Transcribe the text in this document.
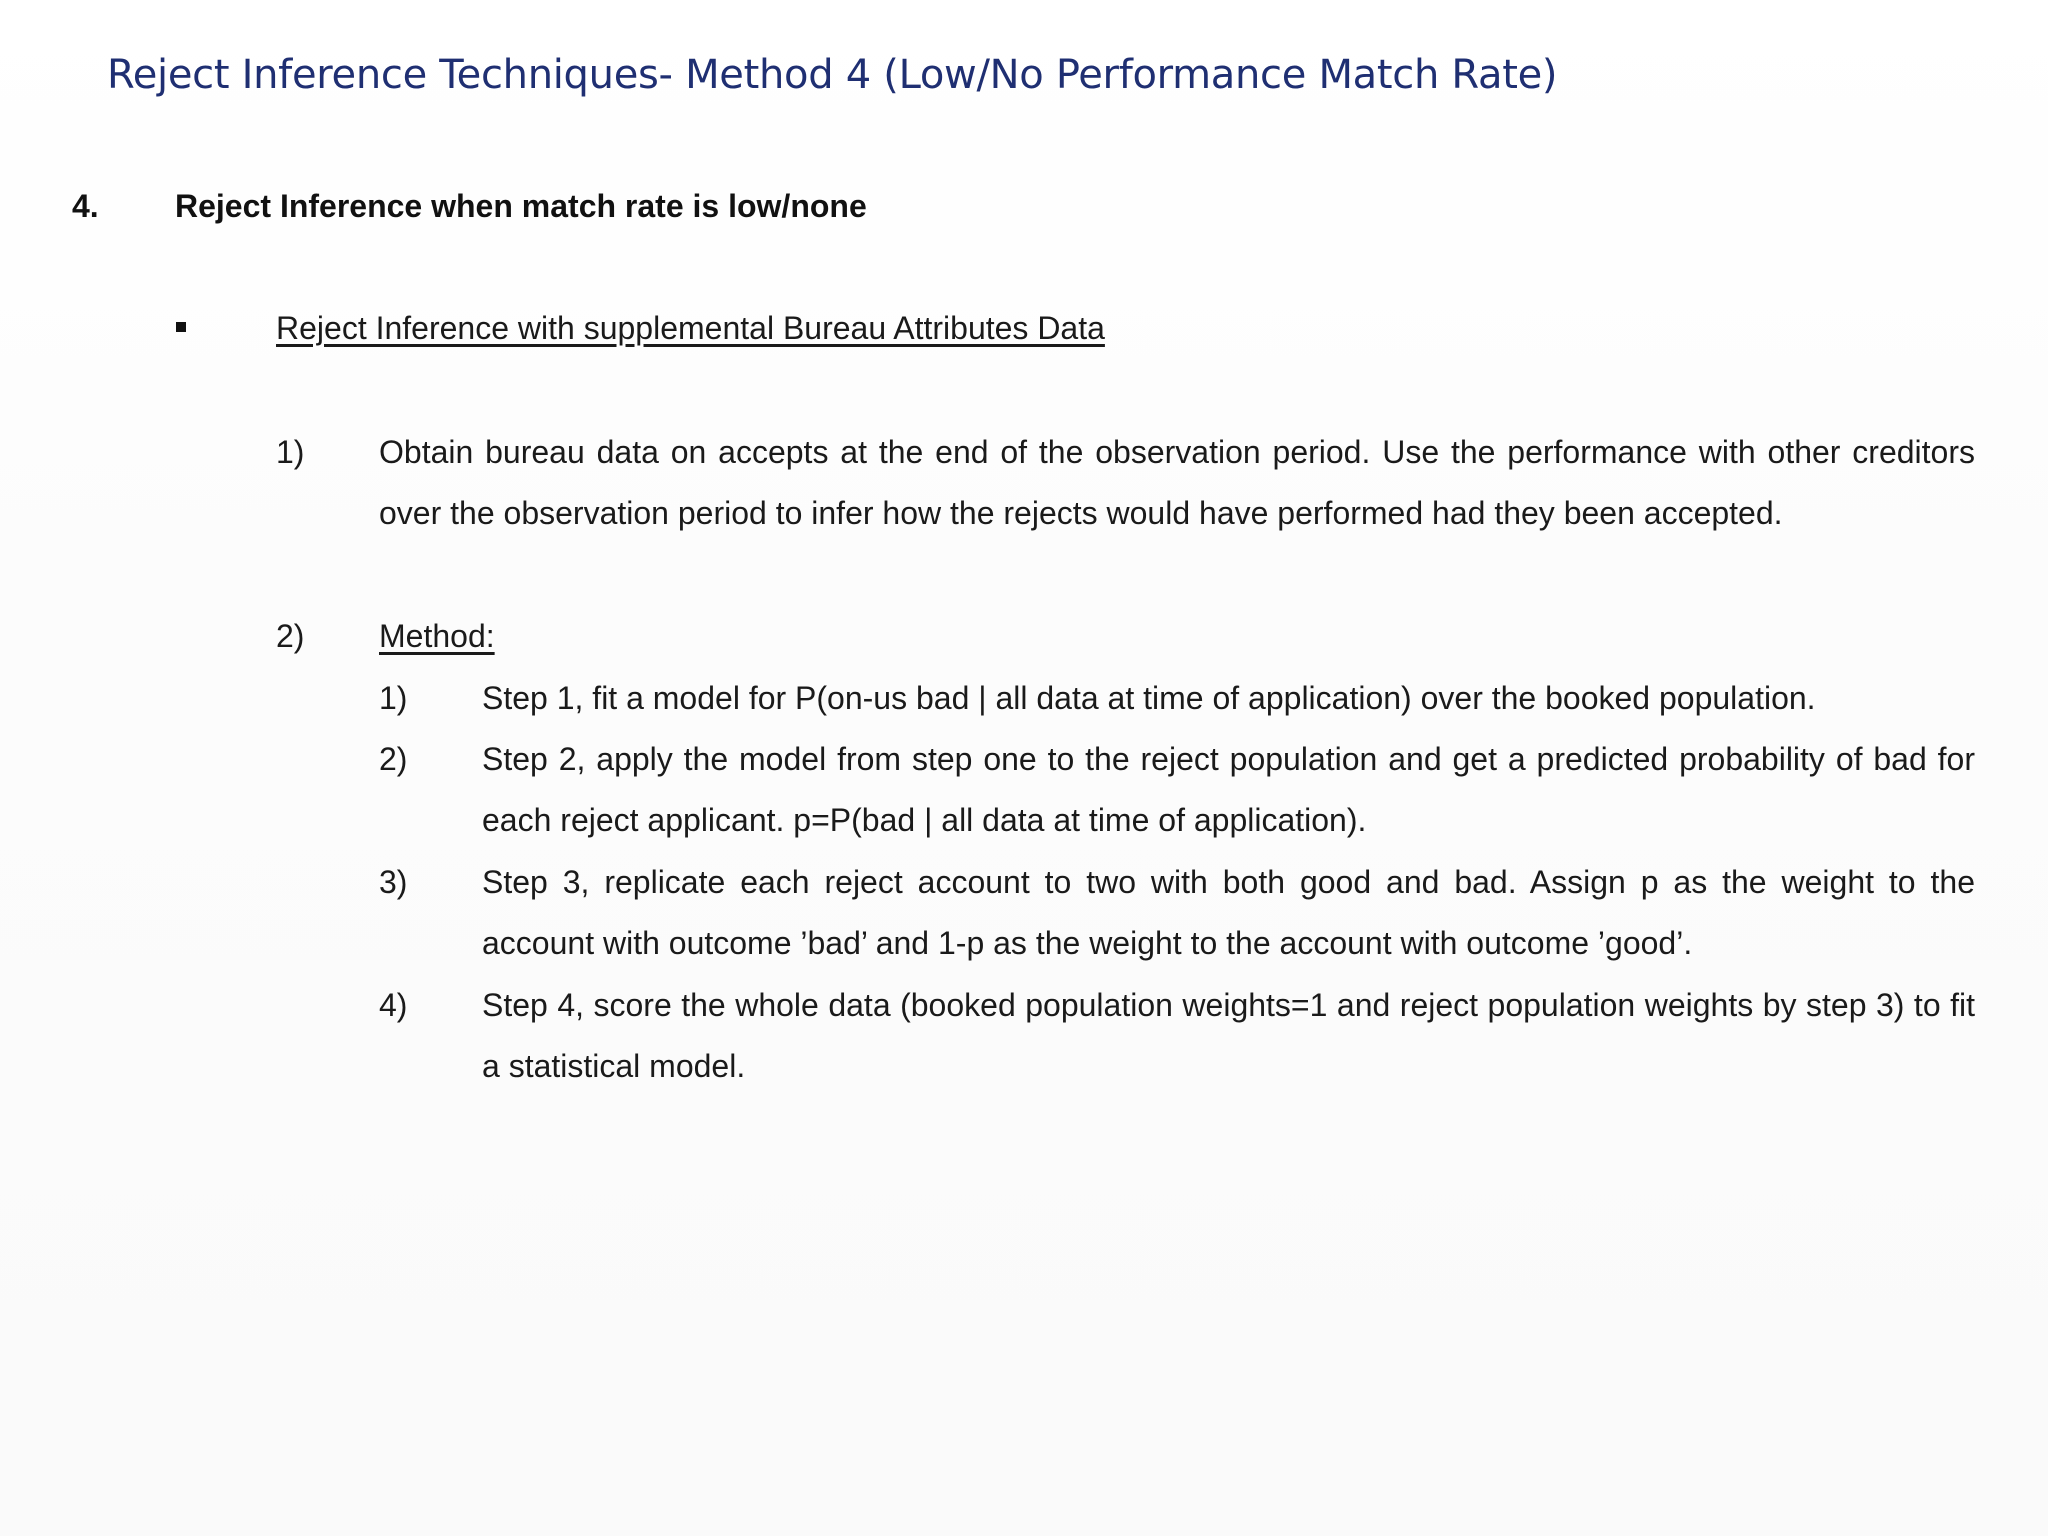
Reject Inference Techniques- Method 4 (Low/No Performance Match Rate)
4. Reject Inference when match rate is low/none
Reject Inference with supplemental Bureau Attributes Data
1) Obtain bureau data on accepts at the end of the observation period. Use the performance with other creditors over the observation period to infer how the rejects would have performed had they been accepted.
2) Method:
1) Step 1, fit a model for P(on-us bad | all data at time of application) over the booked population.
2) Step 2, apply the model from step one to the reject population and get a predicted probability of bad for each reject applicant. p=P(bad | all data at time of application).
3) Step 3, replicate each reject account to two with both good and bad. Assign p as the weight to the account with outcome ’bad’ and 1-p as the weight to the account with outcome ’good’.
4) Step 4, score the whole data (booked population weights=1 and reject population weights by step 3) to fit a statistical model.
